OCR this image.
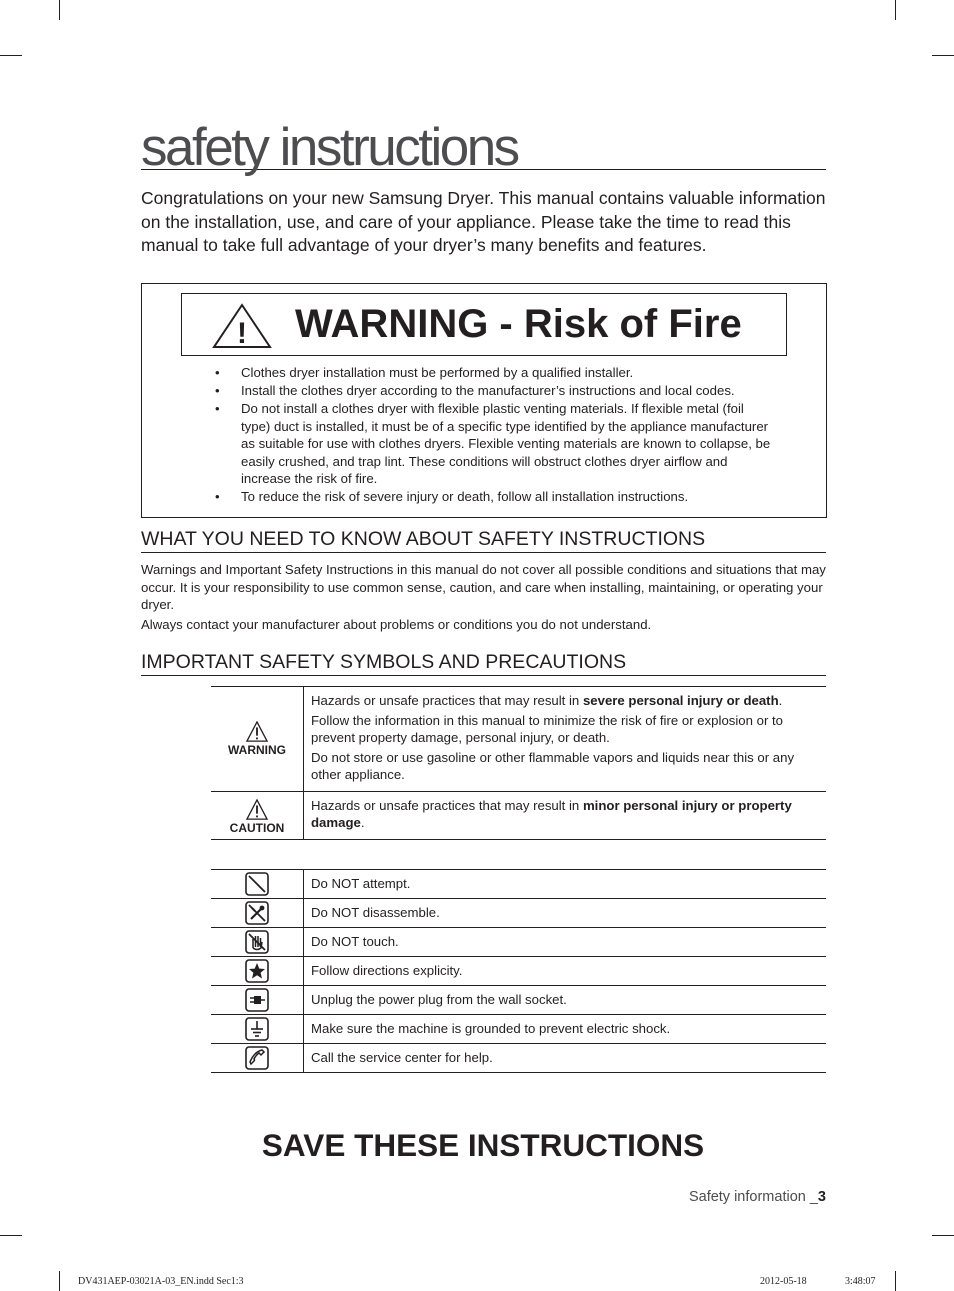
safety instructions

Congratulations on your new Samsung Dryer. This manual contains valuable information on the installation, use, and care of your appliance. Please take the time to read this manual to take full advantage of your dryer’s many benefits and features.

! WARNING - Risk of Fire
• Clothes dryer installation must be performed by a qualified installer.
• Install the clothes dryer according to the manufacturer’s instructions and local codes.
• Do not install a clothes dryer with flexible plastic venting materials. If flexible metal (foil type) duct is installed, it must be of a specific type identified by the appliance manufacturer as suitable for use with clothes dryers. Flexible venting materials are known to collapse, be easily crushed, and trap lint. These conditions will obstruct clothes dryer airflow and increase the risk of fire.
• To reduce the risk of severe injury or death, follow all installation instructions.
WHAT YOU NEED TO KNOW ABOUT SAFETY INSTRUCTIONS

Warnings and Important Safety Instructions in this manual do not cover all possible conditions and situations that may occur. It is your responsibility to use common sense, caution, and care when installing, maintaining, or operating your dryer.

Always contact your manufacturer about problems or conditions you do not understand.

IMPORTANT SAFETY SYMBOLS AND PRECAUTIONS
WARNING	Hazards or unsafe practices that may result in severe personal injury or death.

Follow the information in this manual to minimize the risk of fire or explosion or to prevent property damage, personal injury, or death.

Do not store or use gasoline or other flammable vapors and liquids near this or any other appliance.

CAUTION	Hazards or unsafe practices that may result in minor personal injury or property damage.

	Do NOT attempt.
	Do NOT disassemble.
	Do NOT touch.
	Follow directions explicity.
	Unplug the power plug from the wall socket.
	Make sure the machine is grounded to prevent electric shock.
	Call the service center for help.
SAVE THESE INSTRUCTIONS
Safety information _3
DV431AEP-03021A-03_EN.indd Sec1:3	2012-05-18	3:48:07
